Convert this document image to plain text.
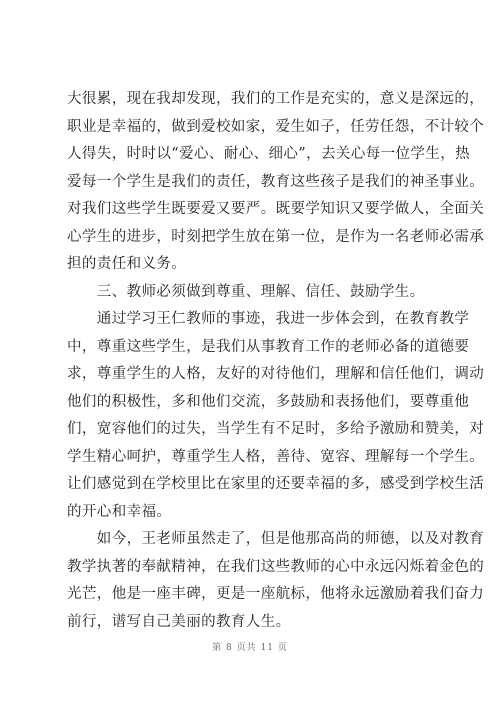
大很累，现在我却发现，我们的工作是充实的，意义是深远的，
职业是幸福的，做到爱校如家，爱生如子，任劳任怨，不计较个
人得失，时时以“爱心、耐心、细心”，去关心每一位学生，热
爱每一个学生是我们的责任，教育这些孩子是我们的神圣事业。
对我们这些学生既要爱又要严。既要学知识又要学做人，全面关
心学生的进步，时刻把学生放在第一位，是作为一名老师必需承
担的责任和义务。
　　三、教师必须做到尊重、理解、信任、鼓励学生。
　　通过学习王仁教师的事迹，我进一步体会到，在教育教学
中，尊重这些学生，是我们从事教育工作的老师必备的道德要
求，尊重学生的人格，友好的对待他们，理解和信任他们，调动
他们的积极性，多和他们交流，多鼓励和表扬他们，要尊重他
们，宽容他们的过失，当学生有不足时，多给予激励和赞美，对
学生精心呵护，尊重学生人格，善待、宽容、理解每一个学生。
让们感觉到在学校里比在家里的还要幸福的多，感受到学校生活
的开心和幸福。
　　如今，王老师虽然走了，但是他那高尚的师德，以及对教育
教学执著的奉献精神，在我们这些教师的心中永远闪烁着金色的
光芒，他是一座丰碑，更是一座航标，他将永远激励着我们奋力
前行，谱写自己美丽的教育人生。
第 8 页共 11 页
